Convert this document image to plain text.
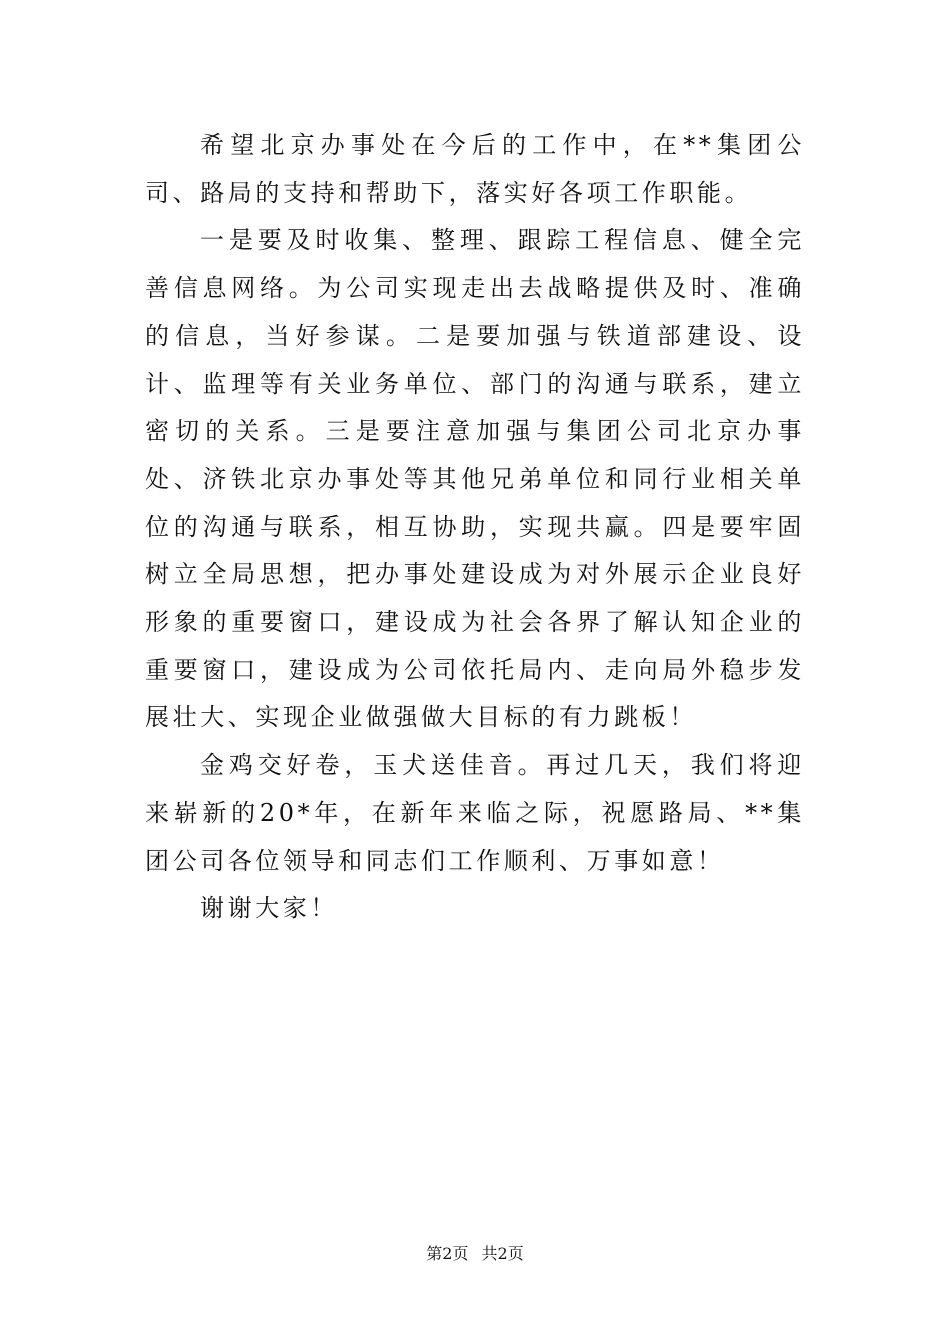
希望北京办事处在今后的工作中，在**集团公司、路局的支持和帮助下，落实好各项工作职能。

一是要及时收集、整理、跟踪工程信息、健全完善信息网络。为公司实现走出去战略提供及时、准确的信息，当好参谋。二是要加强与铁道部建设、设计、监理等有关业务单位、部门的沟通与联系，建立密切的关系。三是要注意加强与集团公司北京办事处、济铁北京办事处等其他兄弟单位和同行业相关单位的沟通与联系，相互协助，实现共赢。四是要牢固树立全局思想，把办事处建设成为对外展示企业良好形象的重要窗口，建设成为社会各界了解认知企业的重要窗口，建设成为公司依托局内、走向局外稳步发展壮大、实现企业做强做大目标的有力跳板！

金鸡交好卷，玉犬送佳音。再过几天，我们将迎来崭新的20*年，在新年来临之际，祝愿路局、**集团公司各位领导和同志们工作顺利、万事如意！

谢谢大家！

第2页 共2页
